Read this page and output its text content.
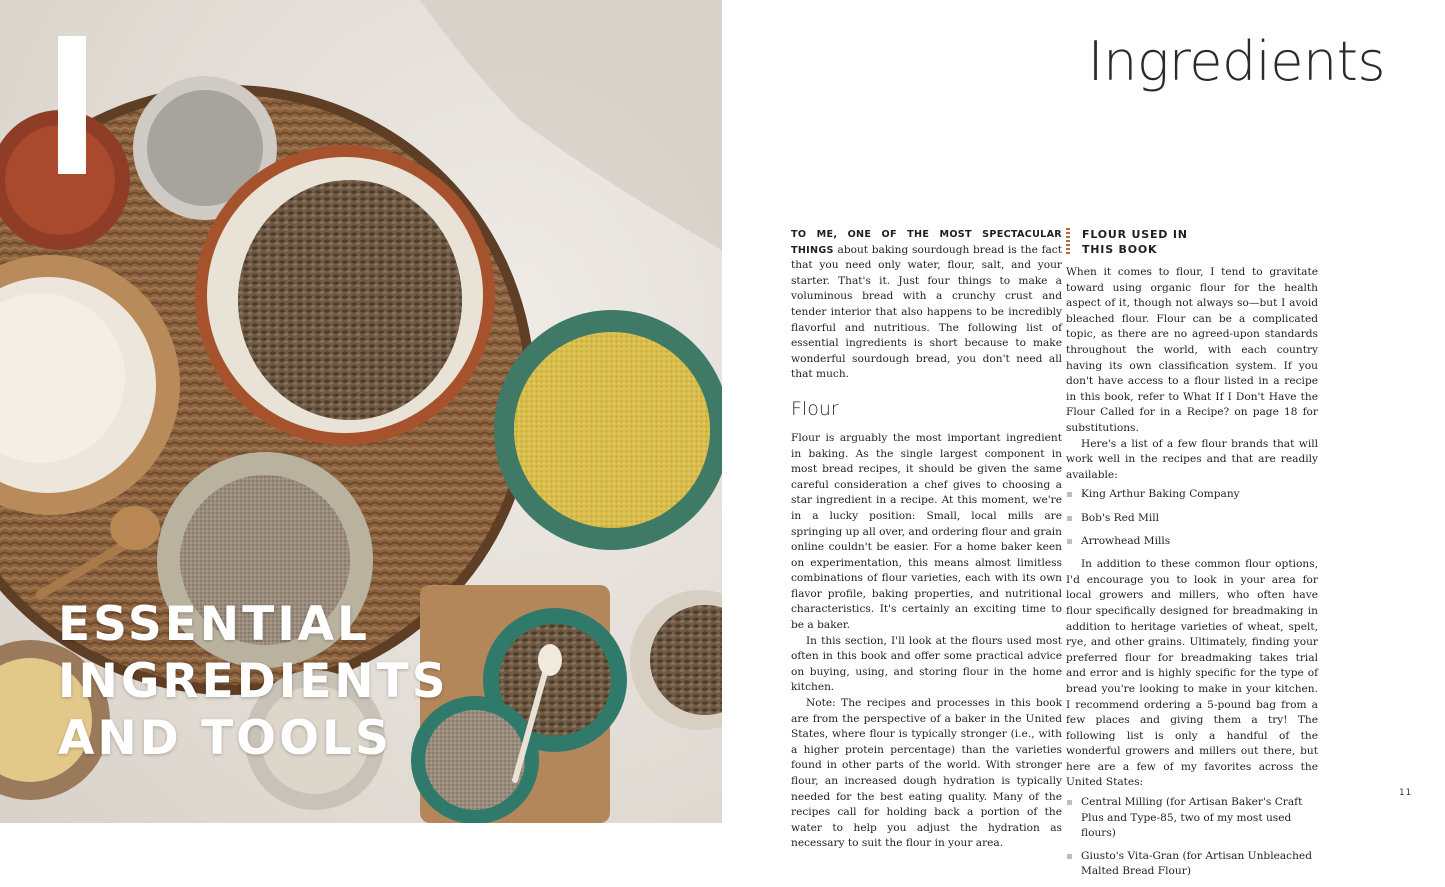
ESSENTIAL
INGREDIENTS
AND TOOLS
Ingredients

TO ME, ONE OF THE MOST SPECTACULAR THINGS about baking sourdough bread is the fact that you need only water, flour, salt, and your starter. That's it. Just four things to make a voluminous bread with a crunchy crust and tender interior that also happens to be incredibly flavorful and nutritious. The following list of essential ingredients is short because to make wonderful sourdough bread, you don't need all that much.

Flour

Flour is arguably the most important ingredient in baking. As the single largest component in most bread recipes, it should be given the same careful consideration a chef gives to choosing a star ingredient in a recipe. At this moment, we're in a lucky position: Small, local mills are springing up all over, and ordering flour and grain online couldn't be easier. For a home baker keen on experimentation, this means almost limitless combinations of flour varieties, each with its own flavor profile, baking properties, and nutritional characteristics. It's certainly an exciting time to be a baker.

In this section, I'll look at the flours used most often in this book and offer some practical advice on buying, using, and storing flour in the home kitchen.

Note: The recipes and processes in this book are from the perspective of a baker in the United States, where flour is typically stronger (i.e., with a higher protein percentage) than the varieties found in other parts of the world. With stronger flour, an increased dough hydration is typically needed for the best eating quality. Many of the recipes call for holding back a portion of the water to help you adjust the hydration as necessary to suit the flour in your area.

FLOUR USED IN
THIS BOOK

When it comes to flour, I tend to gravitate toward using organic flour for the health aspect of it, though not always so—but I avoid bleached flour. Flour can be a complicated topic, as there are no agreed-upon standards throughout the world, with each country having its own classification system. If you don't have access to a flour listed in a recipe in this book, refer to What If I Don't Have the Flour Called for in a Recipe? on page 18 for substitutions.

Here's a list of a few flour brands that will work well in the recipes and that are readily available:

King Arthur Baking Company
Bob's Red Mill
Arrowhead Mills

In addition to these common flour options, I'd encourage you to look in your area for local growers and millers, who often have flour specifically designed for breadmaking in addition to heritage varieties of wheat, spelt, rye, and other grains. Ultimately, finding your preferred flour for breadmaking takes trial and error and is highly specific for the type of bread you're looking to make in your kitchen. I recommend ordering a 5-pound bag from a few places and giving them a try! The following list is only a handful of the wonderful growers and millers out there, but here are a few of my favorites across the United States:

Central Milling (for Artisan Baker's Craft Plus and Type-85, two of my most used flours)
Giusto's Vita-Gran (for Artisan Unbleached Malted Bread Flour)
11
